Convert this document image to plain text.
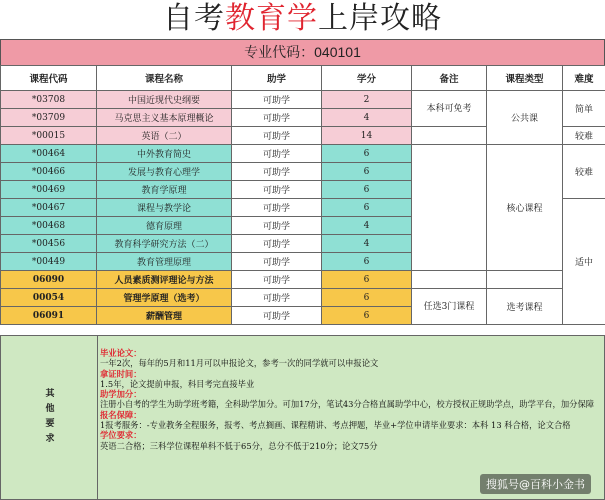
自考教育学上岸攻略
专业代码：040101
课程代码	课程名称	助学	学分	备注	课程类型	难度
*03708	中国近现代史纲要	可助学	2	本科可免考	公共课	简单
*03709	马克思主义基本原理概论	可助学	4			
*00015	英语（二）	可助学	14			较难
*00464	中外教育简史	可助学	6		核心课程	较难
*00466	发展与教育心理学	可助学	6			
*00469	教育学原理	可助学	6			
*00467	课程与教学论	可助学	6			适中
*00468	德育原理	可助学	4			
*00456	教育科学研究方法（二）	可助学	4			
*00449	教育管理原理	可助学	6			
06090	人员素质测评理论与方法	可助学	6			
00054	管理学原理（选考）	可助学	6	任选3门课程	选考课程	
06091	薪酬管理	可助学	6			
其他要求
毕业论文：
一年2次，每年的5月和11月可以申报论文，参考一次的同学就可以申报论文
拿证时间：
1.5年，论文提前申报，科目考完直接毕业
助学加分：
注册小自考的学生为助学班考籍，全科助学加分。可加17分，笔试43分合格直属助学中心，校方授权正规助学点，助学平台，加分保障
报名保障：
1报考服务：-专业教务全程服务，报考、考点搁画、课程精讲、考点押题，毕业+学位申请毕业要求：本科 13 科合格，论文合格
学位要求：
英语二合格；三科学位课程单科不低于65分，总分不低于210分；论文75分
搜狐号@百科小金书
